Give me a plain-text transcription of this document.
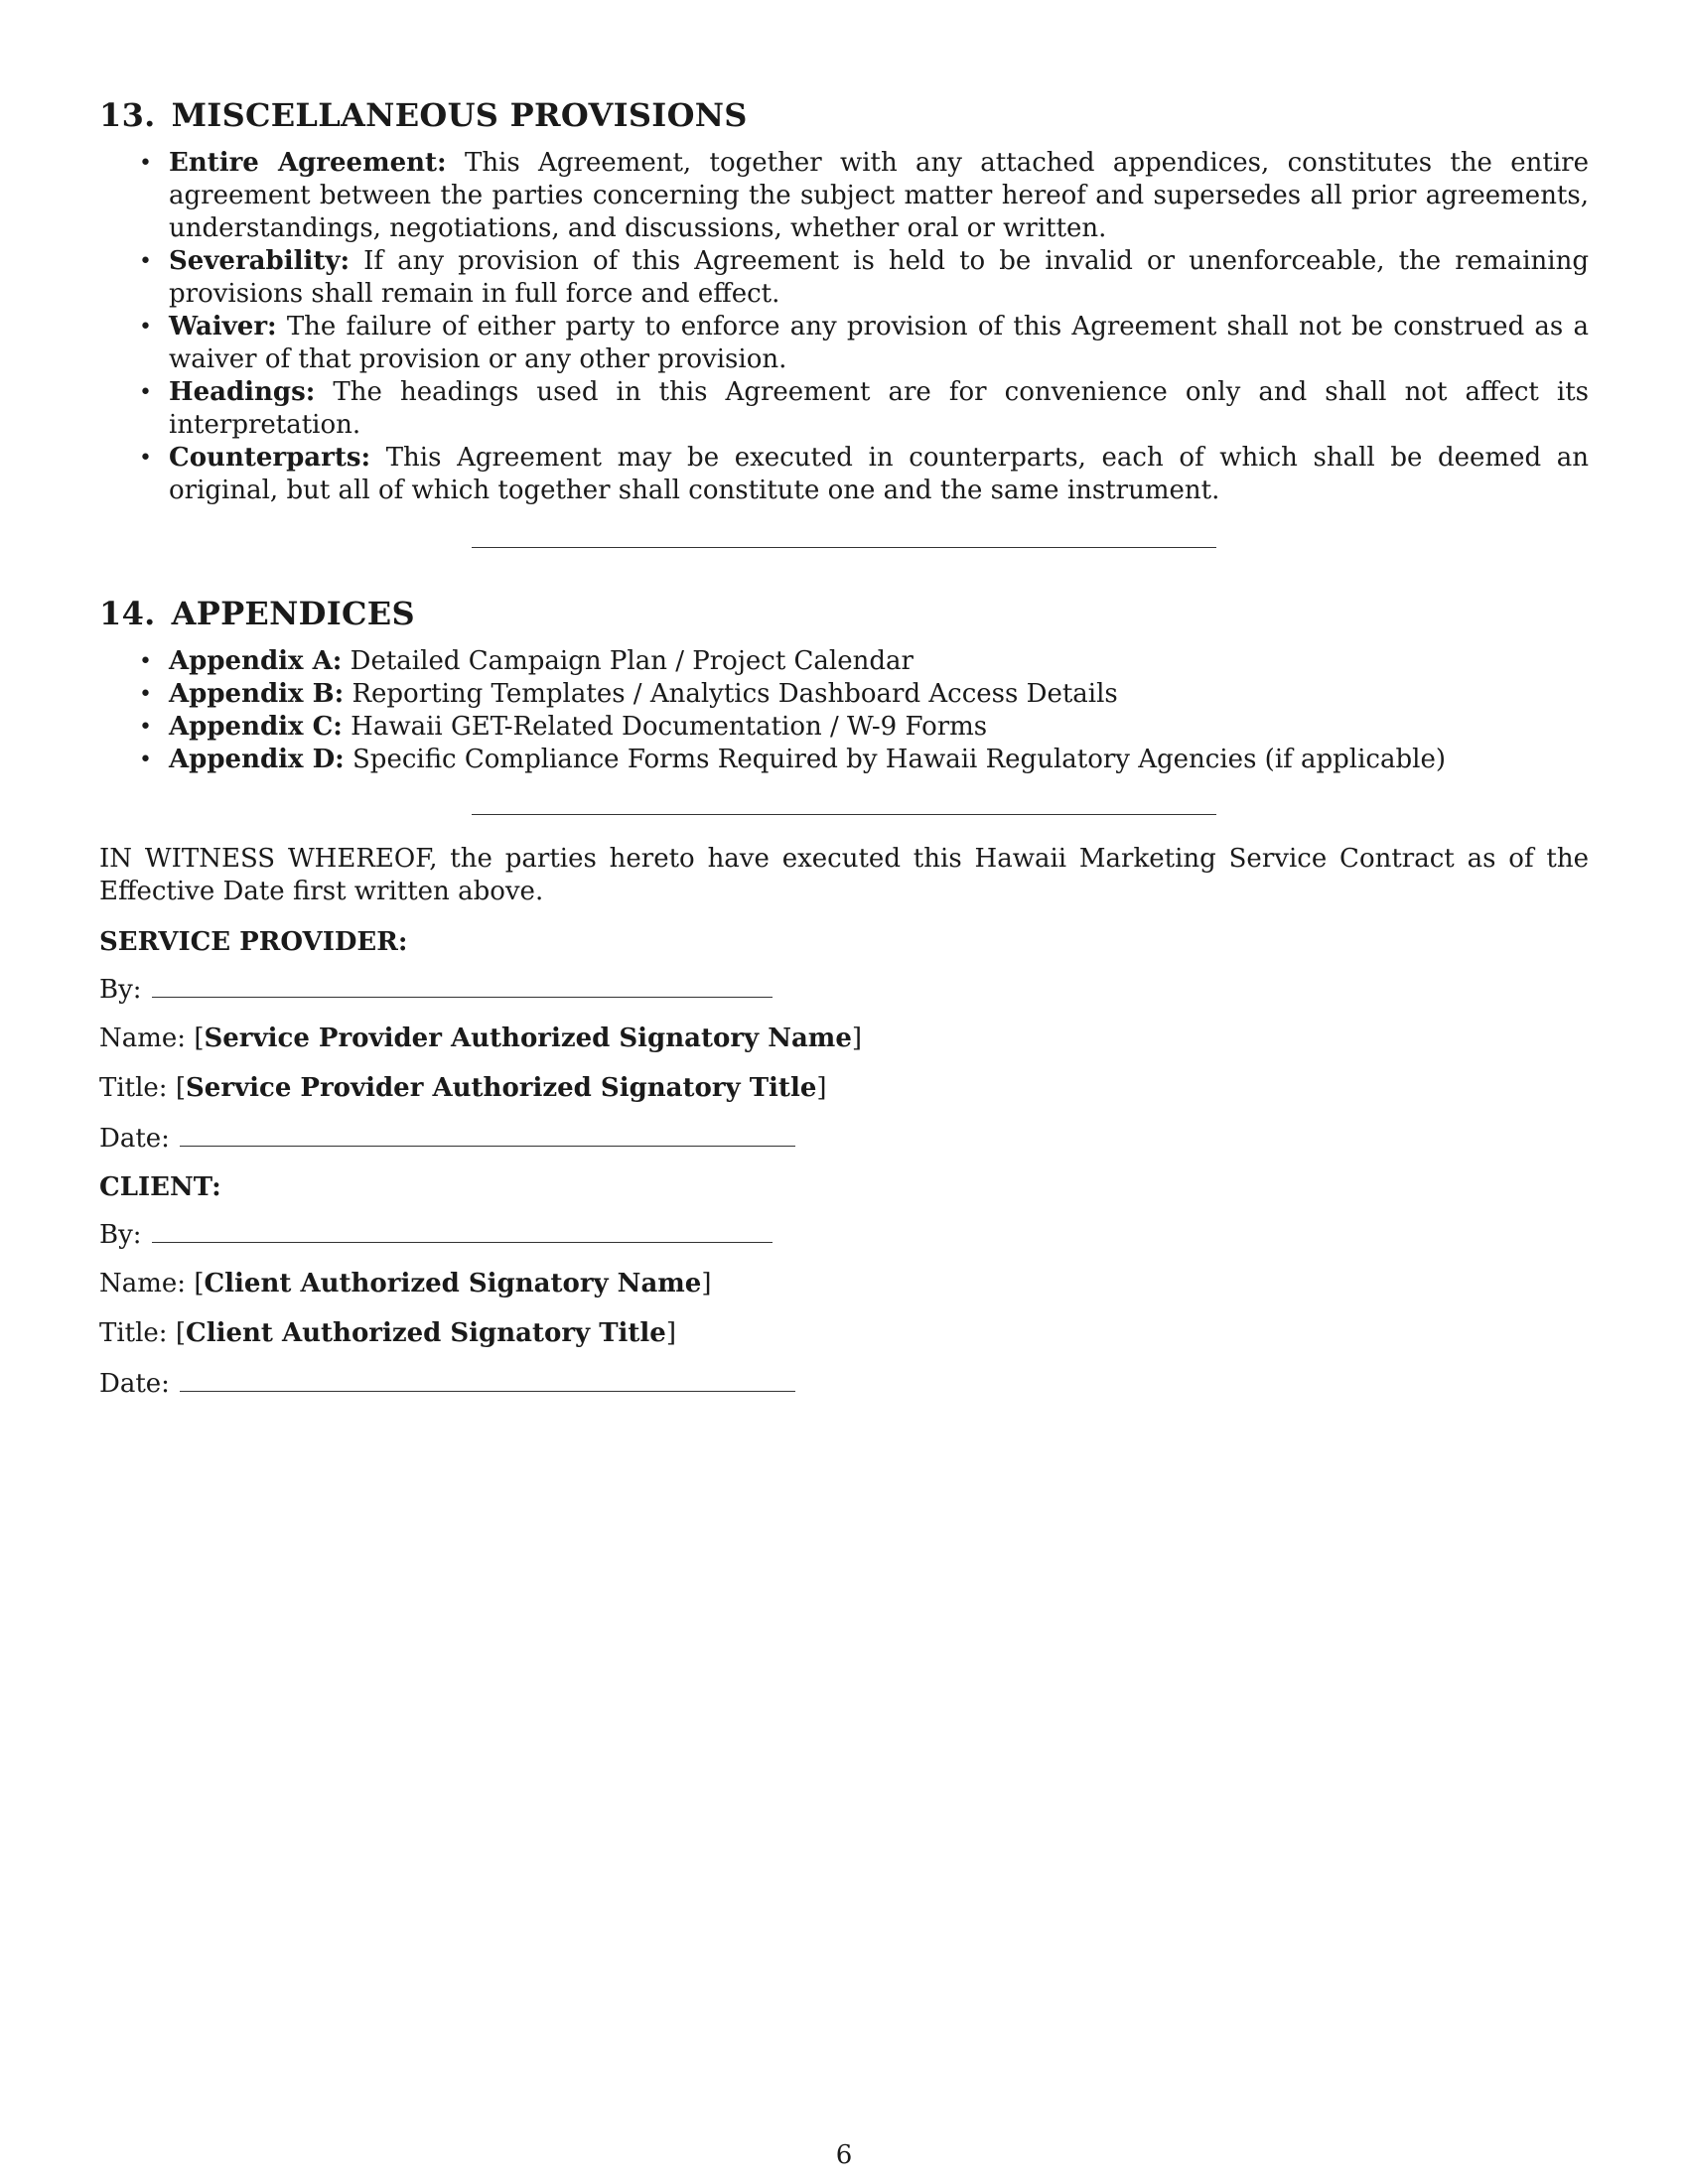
13. MISCELLANEOUS PROVISIONS
• Entire Agreement: This Agreement, together with any attached appendices, constitutes the entire agreement between the parties concerning the subject matter hereof and supersedes all prior agreements, understandings, negotiations, and discussions, whether oral or written.
• Severability: If any provision of this Agreement is held to be invalid or unenforceable, the remaining provisions shall remain in full force and effect.
• Waiver: The failure of either party to enforce any provision of this Agreement shall not be construed as a waiver of that provision or any other provision.
• Headings: The headings used in this Agreement are for convenience only and shall not affect its interpretation.
• Counterparts: This Agreement may be executed in counterparts, each of which shall be deemed an original, but all of which together shall constitute one and the same instrument.
14. APPENDICES
• Appendix A: Detailed Campaign Plan / Project Calendar
• Appendix B: Reporting Templates / Analytics Dashboard Access Details
• Appendix C: Hawaii GET-Related Documentation / W-9 Forms
• Appendix D: Specific Compliance Forms Required by Hawaii Regulatory Agencies (if applicable)

IN WITNESS WHEREOF, the parties hereto have executed this Hawaii Marketing Service Contract as of the Effective Date first written above.

SERVICE PROVIDER:
By:
Name: [Service Provider Authorized Signatory Name]
Title: [Service Provider Authorized Signatory Title]
Date:
CLIENT:
By:
Name: [Client Authorized Signatory Name]
Title: [Client Authorized Signatory Title]
Date:
6
